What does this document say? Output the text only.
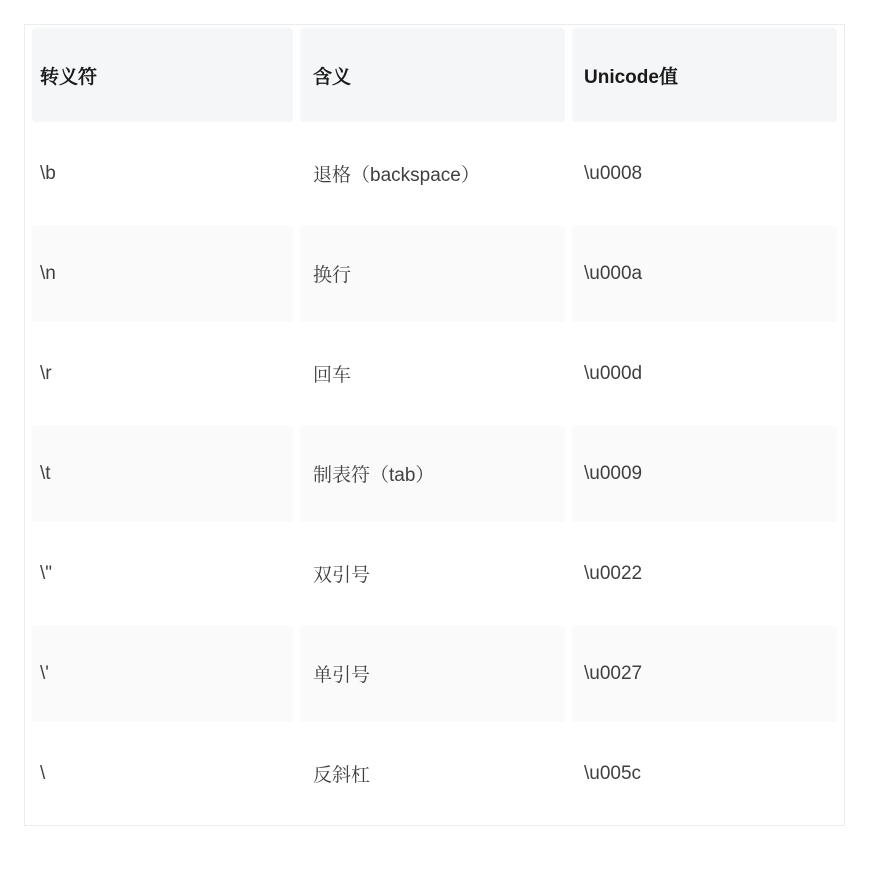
转义符	含义	Unicode值
\b	退格（backspace）	\u0008
\n	换行	\u000a
\r	回车	\u000d
\t	制表符（tab）	\u0009
\"	双引号	\u0022
\'	单引号	\u0027
\	反斜杠	\u005c
